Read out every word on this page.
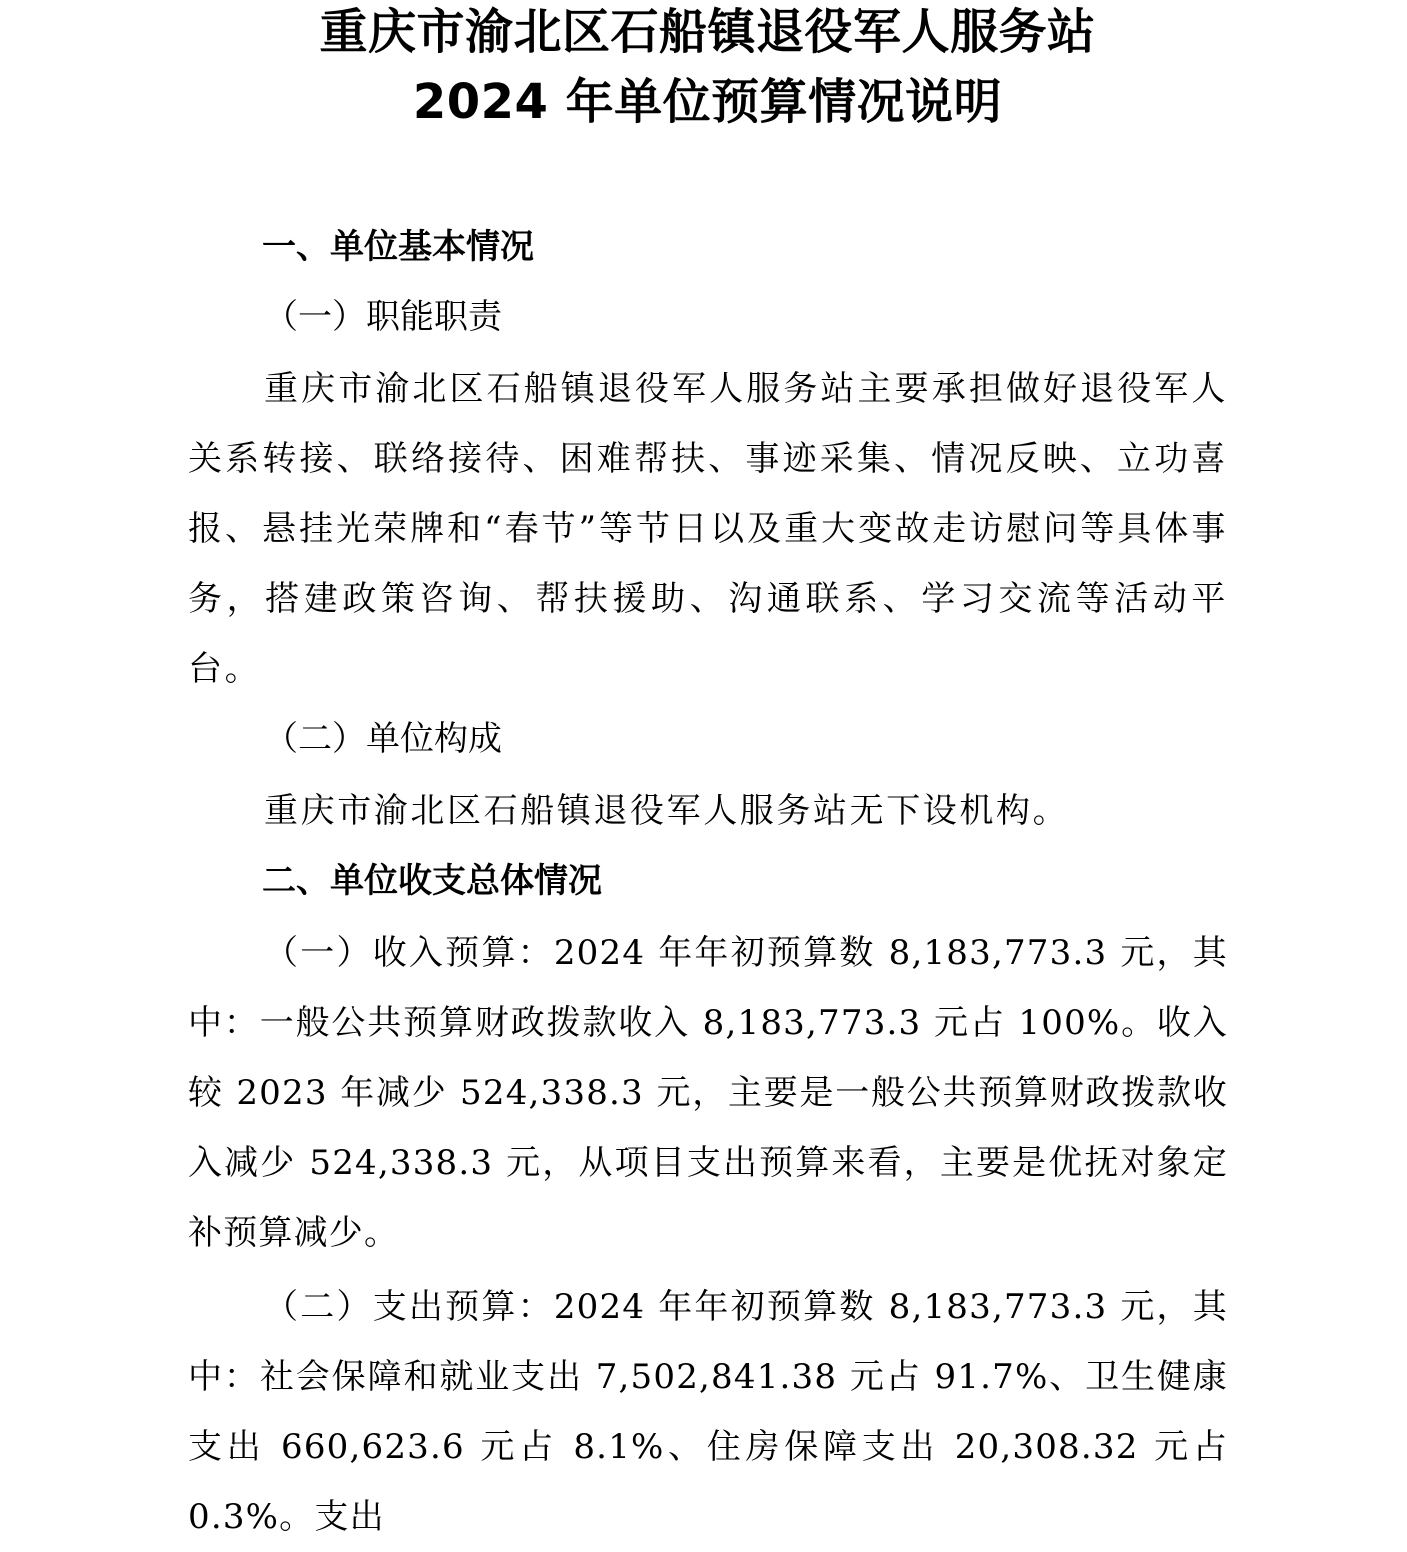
重庆市渝北区石船镇退役军人服务站
2024 年单位预算情况说明
一、单位基本情况
（一）职能职责
重庆市渝北区石船镇退役军人服务站主要承担做好退役军人关系转接、联络接待、困难帮扶、事迹采集、情况反映、立功喜报、悬挂光荣牌和“春节”等节日以及重大变故走访慰问等具体事务，搭建政策咨询、帮扶援助、沟通联系、学习交流等活动平台。
（二）单位构成
重庆市渝北区石船镇退役军人服务站无下设机构。
二、单位收支总体情况
（一）收入预算：2024 年年初预算数 8,183,773.3 元，其中：一般公共预算财政拨款收入 8,183,773.3 元占 100%。收入较 2023 年减少 524,338.3 元，主要是一般公共预算财政拨款收入减少 524,338.3 元，从项目支出预算来看，主要是优抚对象定补预算减少。
（二）支出预算：2024 年年初预算数 8,183,773.3 元，其中：社会保障和就业支出 7,502,841.38 元占 91.7%、卫生健康支出 660,623.6 元占 8.1%、住房保障支出 20,308.32 元占 0.3%。支出
